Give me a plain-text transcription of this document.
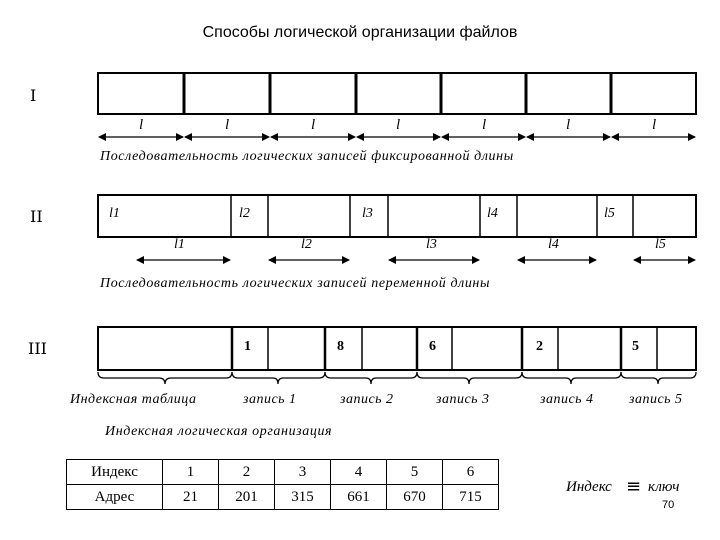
Способы логической организации файлов
I
II
III
l	l	l	l	l	l	l
Последовательность логических записей фиксированной длины
l1	l2	l3	l4	l5
l1	l2	l3	l4	l5
Последовательность логических записей переменной длины
1	8	6	2	5
Индексная таблица	запись 1	запись 2	запись 3	запись 4	запись 5
Индексная логическая организация
Индекс	1	2	3	4	5	6
Адрес	21	201	315	661	670	715
Индекс ≡ ключ
70
